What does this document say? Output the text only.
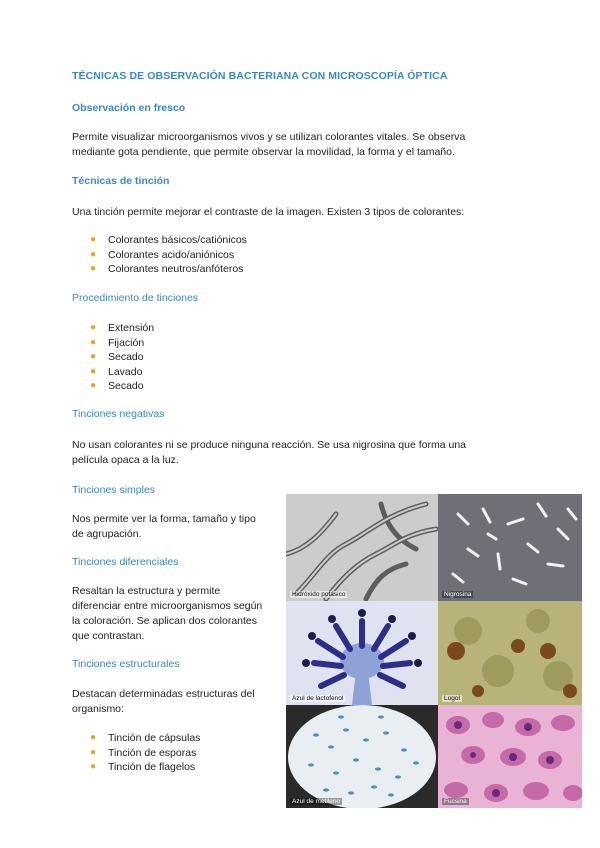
TÉCNICAS DE OBSERVACIÓN BACTERIANA CON MICROSCOPÍA ÓPTICA
Observación en fresco
Permite visualizar microorganismos vivos y se utilizan colorantes vitales. Se observa
mediante gota pendiente, que permite observar la movilidad, la forma y el tamaño.
Técnicas de tinción
Una tinción permite mejorar el contraste de la imagen. Existen 3 tipos de colorantes:
● Colorantes básicos/catiónicos
● Colorantes acido/aniónicos
● Colorantes neutros/anfóteros
Procedimiento de tinciones
● Extensión
● Fijación
● Secado
● Lavado
● Secado
Tinciones negativas
No usan colorantes ni se produce ninguna reacción. Se usa nigrosina que forma una
película opaca a la luz.
Tinciones simples
Nos permite ver la forma, tamaño y tipo
de agrupación.
Tinciones diferenciales
Resaltan la estructura y permite
diferenciar entre microorganismos según
la coloración. Se aplican dos colorantes
que contrastan.
Tinciones estructurales
Destacan determinadas estructuras del
organismo:
● Tinción de cápsulas
● Tinción de esporas
● Tinción de flagelos
Hidróxido potásico	Nigrosina
Azul de lactofenol	Lugol
Azul de metileno	Fucsina
